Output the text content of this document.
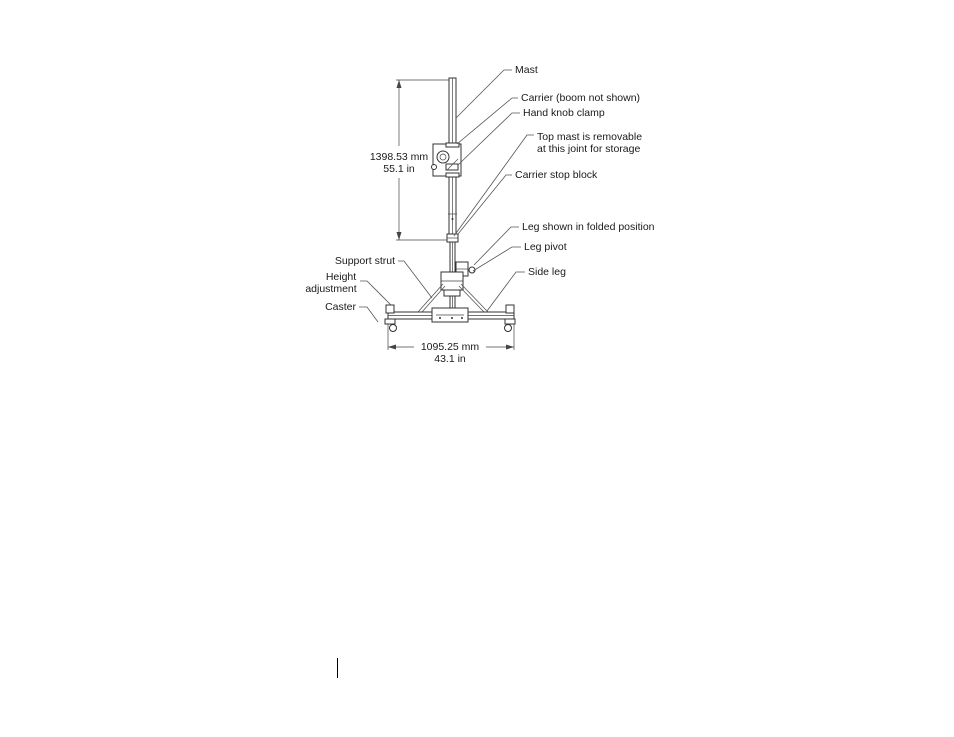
1398.53 mm
55.1 in
1095.25 mm
43.1 in
Mast
Carrier (boom not shown)
Hand knob clamp
Top mast is removable
at this joint for storage
Carrier stop block
Leg shown in folded position
Leg pivot
Side leg
Support strut
Height
adjustment
Caster
